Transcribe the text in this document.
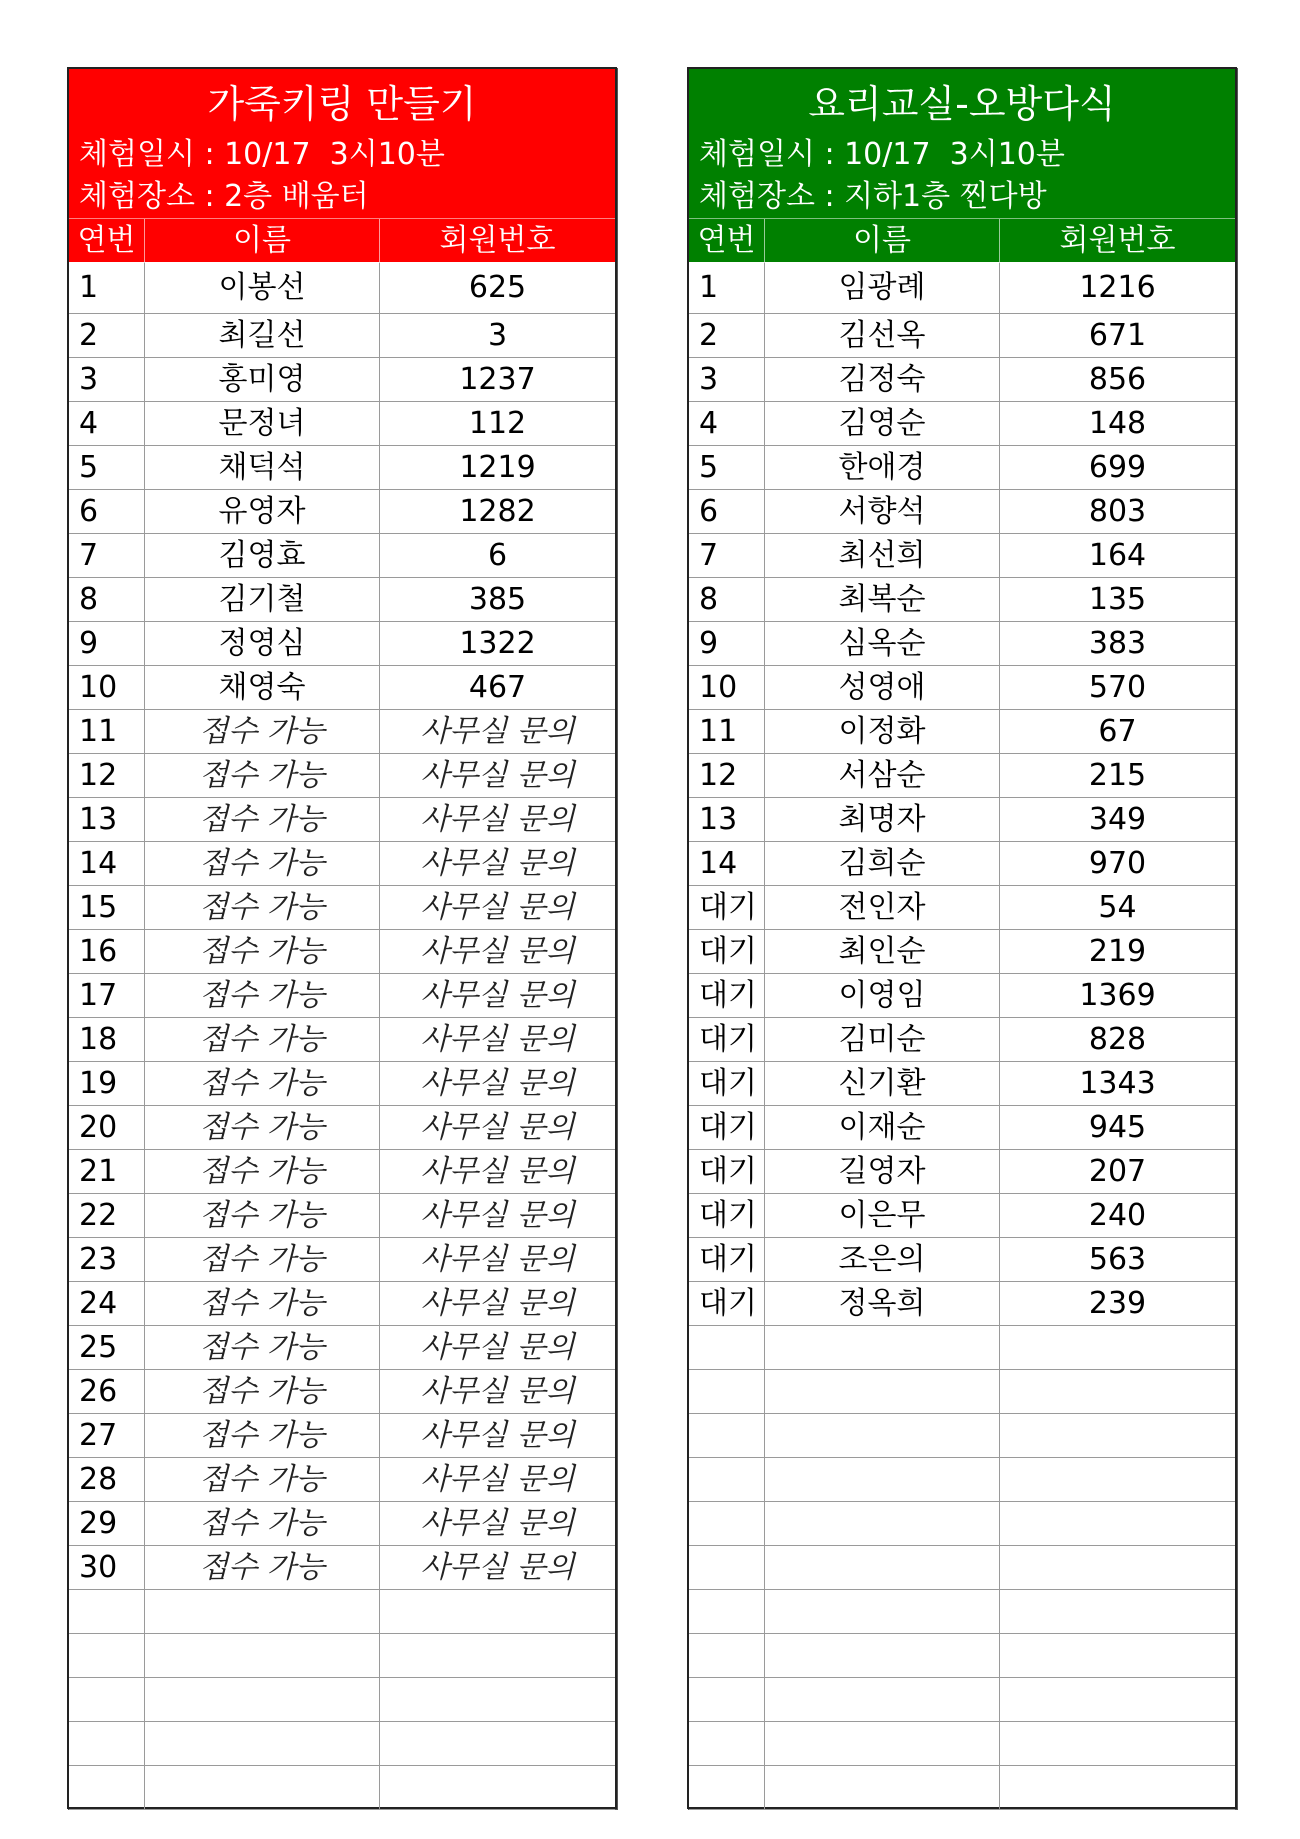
가죽키링 만들기
체험일시 : 10/17  3시10분
체험장소 : 2층 배움터
연번	이름	회원번호
1	이봉선	625
2	최길선	3
3	홍미영	1237
4	문정녀	112
5	채덕석	1219
6	유영자	1282
7	김영효	6
8	김기철	385
9	정영심	1322
10	채영숙	467
11	접수 가능	사무실 문의
12	접수 가능	사무실 문의
13	접수 가능	사무실 문의
14	접수 가능	사무실 문의
15	접수 가능	사무실 문의
16	접수 가능	사무실 문의
17	접수 가능	사무실 문의
18	접수 가능	사무실 문의
19	접수 가능	사무실 문의
20	접수 가능	사무실 문의
21	접수 가능	사무실 문의
22	접수 가능	사무실 문의
23	접수 가능	사무실 문의
24	접수 가능	사무실 문의
25	접수 가능	사무실 문의
26	접수 가능	사무실 문의
27	접수 가능	사무실 문의
28	접수 가능	사무실 문의
29	접수 가능	사무실 문의
30	접수 가능	사무실 문의
요리교실-오방다식
체험일시 : 10/17  3시10분
체험장소 : 지하1층 찐다방
연번	이름	회원번호
1	임광례	1216
2	김선옥	671
3	김정숙	856
4	김영순	148
5	한애경	699
6	서향석	803
7	최선희	164
8	최복순	135
9	심옥순	383
10	성영애	570
11	이정화	67
12	서삼순	215
13	최명자	349
14	김희순	970
대기	전인자	54
대기	최인순	219
대기	이영임	1369
대기	김미순	828
대기	신기환	1343
대기	이재순	945
대기	길영자	207
대기	이은무	240
대기	조은의	563
대기	정옥희	239
